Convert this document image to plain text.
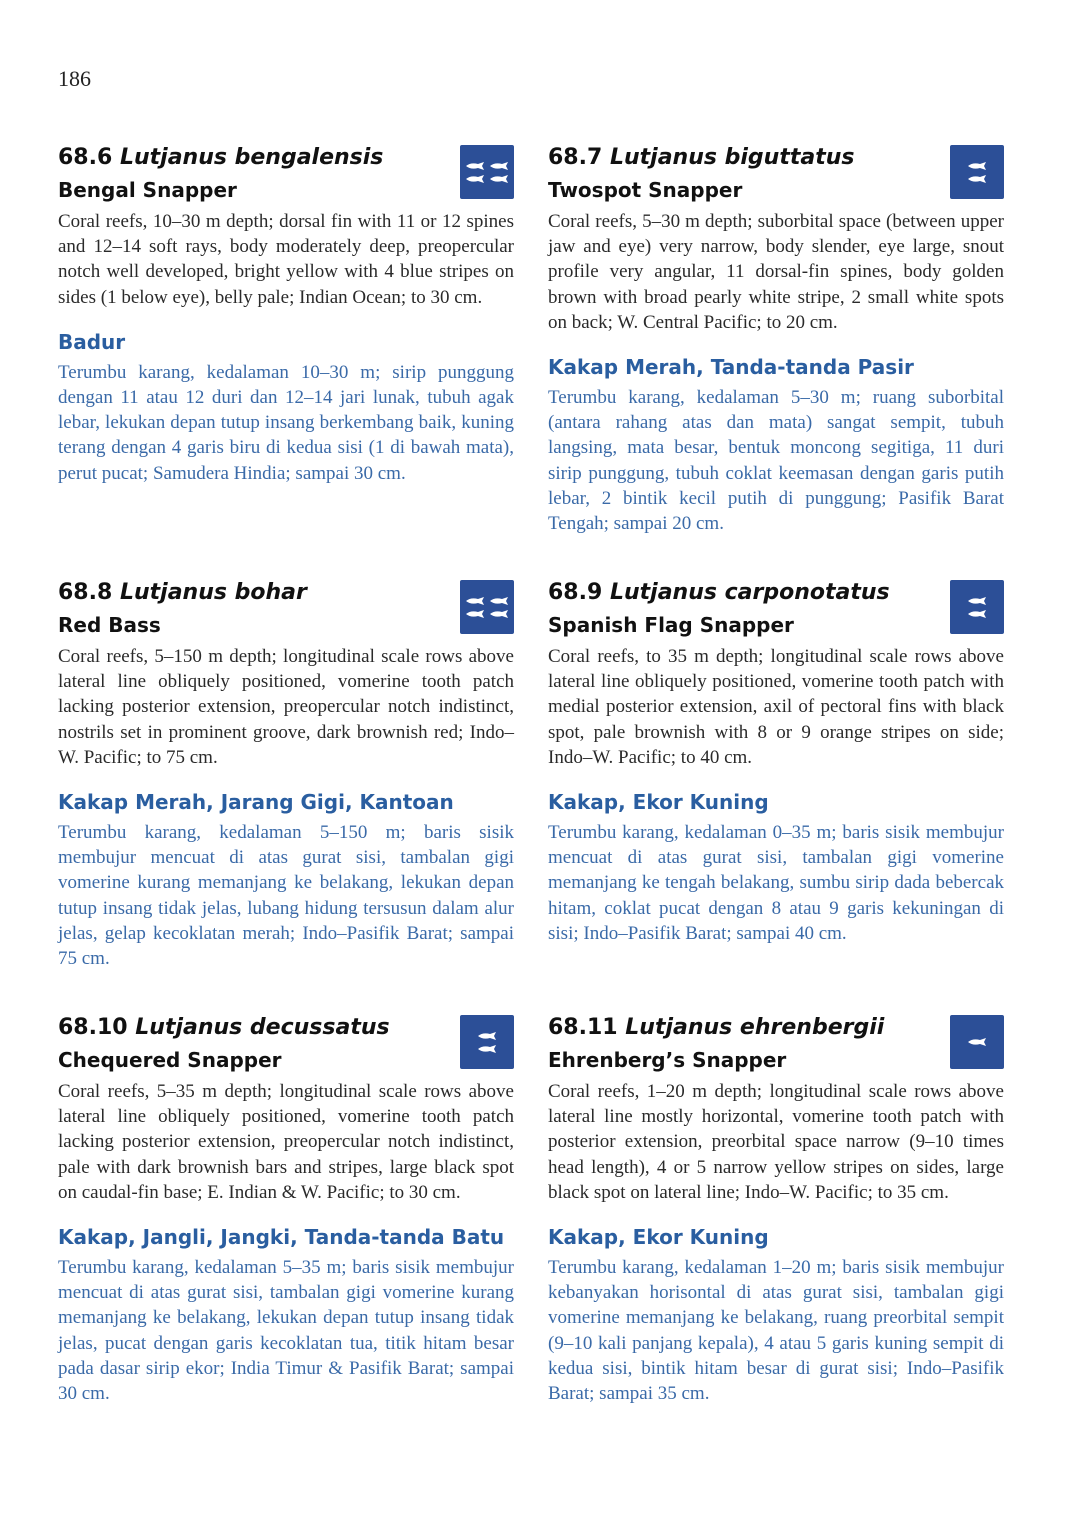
186
68.6 Lutjanus bengalensis
Bengal Snapper

Coral reefs, 10–30 m depth; dorsal fin with 11 or 12 spines and 12–14 soft rays, body moderately deep, preopercular notch well developed, bright yellow with 4 blue stripes on sides (1 below eye), belly pale; Indian Ocean; to 30 cm.

Badur

Terumbu karang, kedalaman 10–30 m; sirip punggung dengan 11 atau 12 duri dan 12–14 jari lunak, tubuh agak lebar, lekukan depan tutup insang berkembang baik, kuning terang dengan 4 garis biru di kedua sisi (1 di bawah mata), perut pucat; Samudera Hindia; sampai 30 cm.

68.7 Lutjanus biguttatus
Twospot Snapper

Coral reefs, 5–30 m depth; suborbital space (between upper jaw and eye) very narrow, body slender, eye large, snout profile very angular, 11 dorsal-fin spines, body golden brown with broad pearly white stripe, 2 small white spots on back; W. Central Pacific; to 20 cm.

Kakap Merah, Tanda-tanda Pasir

Terumbu karang, kedalaman 5–30 m; ruang suborbital (antara rahang atas dan mata) sangat sempit, tubuh langsing, mata besar, bentuk moncong segitiga, 11 duri sirip punggung, tubuh coklat keemasan dengan garis putih lebar, 2 bintik kecil putih di punggung; Pasifik Barat Tengah; sampai 20 cm.

68.8 Lutjanus bohar
Red Bass

Coral reefs, 5–150 m depth; longitudinal scale rows above lateral line obliquely positioned, vomerine tooth patch lacking posterior extension, preopercular notch indistinct, nostrils set in prominent groove, dark brownish red; Indo–W. Pacific; to 75 cm.

Kakap Merah, Jarang Gigi, Kantoan

Terumbu karang, kedalaman 5–150 m; baris sisik membujur mencuat di atas gurat sisi, tambalan gigi vomerine kurang memanjang ke belakang, lekukan depan tutup insang tidak jelas, lubang hidung tersusun dalam alur jelas, gelap kecoklatan merah; Indo–Pasifik Barat; sampai 75 cm.

68.9 Lutjanus carponotatus
Spanish Flag Snapper

Coral reefs, to 35 m depth; longitudinal scale rows above lateral line obliquely positioned, vomerine tooth patch with medial posterior extension, axil of pectoral fins with black spot, pale brownish with 8 or 9 orange stripes on side; Indo–W. Pacific; to 40 cm.

Kakap, Ekor Kuning

Terumbu karang, kedalaman 0–35 m; baris sisik membujur mencuat di atas gurat sisi, tambalan gigi vomerine memanjang ke tengah belakang, sumbu sirip dada bebercak hitam, coklat pucat dengan 8 atau 9 garis kekuningan di sisi; Indo–Pasifik Barat; sampai 40 cm.

68.10 Lutjanus decussatus
Chequered Snapper

Coral reefs, 5–35 m depth; longitudinal scale rows above lateral line obliquely positioned, vomerine tooth patch lacking posterior extension, preopercular notch indistinct, pale with dark brownish bars and stripes, large black spot on caudal-fin base; E. Indian & W. Pacific; to 30 cm.

Kakap, Jangli, Jangki, Tanda-tanda Batu

Terumbu karang, kedalaman 5–35 m; baris sisik membujur mencuat di atas gurat sisi, tambalan gigi vomerine kurang memanjang ke belakang, lekukan depan tutup insang tidak jelas, pucat dengan garis kecoklatan tua, titik hitam besar pada dasar sirip ekor; India Timur & Pasifik Barat; sampai 30 cm.

68.11 Lutjanus ehrenbergii
Ehrenberg’s Snapper

Coral reefs, 1–20 m depth; longitudinal scale rows above lateral line mostly horizontal, vomerine tooth patch with posterior extension, preorbital space narrow (9–10 times head length), 4 or 5 narrow yellow stripes on sides, large black spot on lateral line; Indo–W. Pacific; to 35 cm.

Kakap, Ekor Kuning

Terumbu karang, kedalaman 1–20 m; baris sisik membujur kebanyakan horisontal di atas gurat sisi, tambalan gigi vomerine memanjang ke belakang, ruang preorbital sempit (9–10 kali panjang kepala), 4 atau 5 garis kuning sempit di kedua sisi, bintik hitam besar di gurat sisi; Indo–Pasifik Barat; sampai 35 cm.
